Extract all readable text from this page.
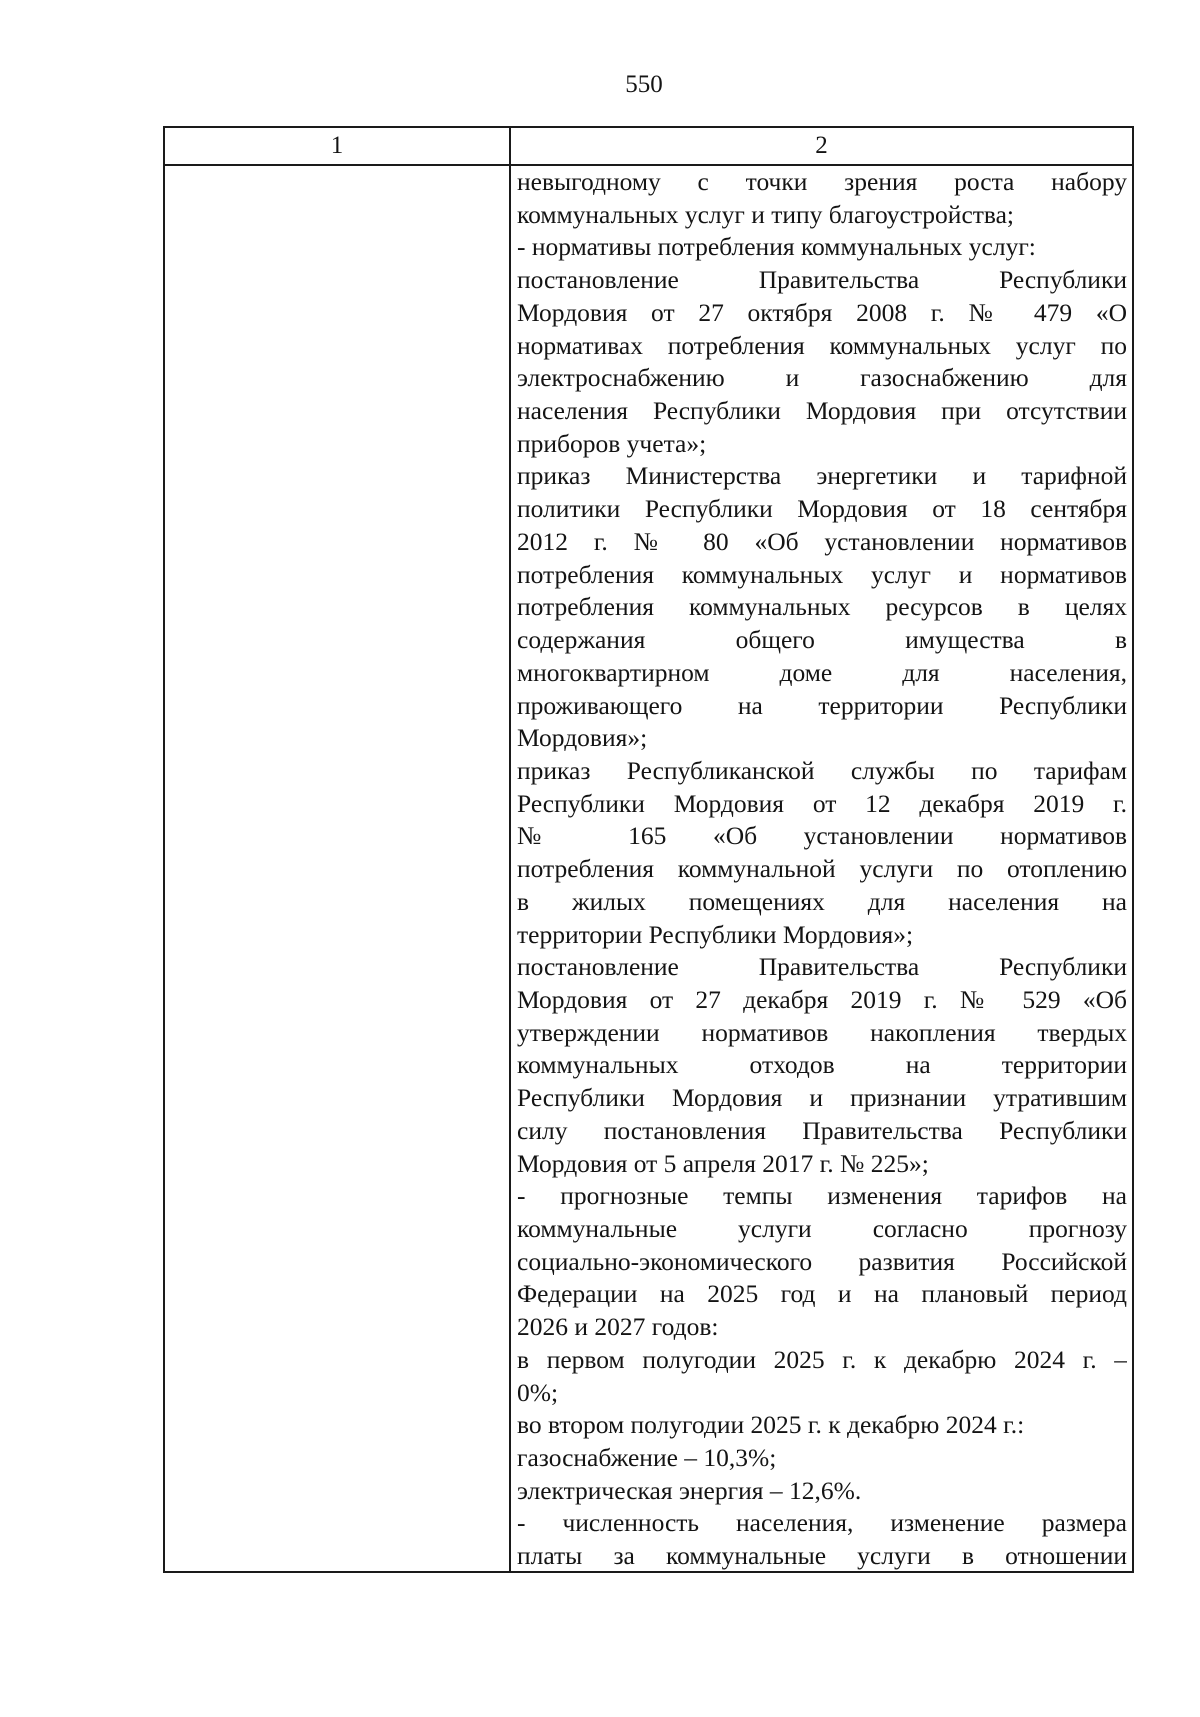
550
1	2
невыгодному с точки зрения роста набору
коммунальных услуг и типу благоустройства;
- нормативы потребления коммунальных услуг:
постановление Правительства Республики
Мордовия от 27 октября 2008 г. № 479 «О
нормативах потребления коммунальных услуг по
электроснабжению и газоснабжению для
населения Республики Мордовия при отсутствии
приборов учета»;
приказ Министерства энергетики и тарифной
политики Республики Мордовия от 18 сентября
2012 г. № 80 «Об установлении нормативов
потребления коммунальных услуг и нормативов
потребления коммунальных ресурсов в целях
содержания общего имущества в
многоквартирном доме для населения,
проживающего на территории Республики
Мордовия»;
приказ Республиканской службы по тарифам
Республики Мордовия от 12 декабря 2019 г.
№ 165 «Об установлении нормативов
потребления коммунальной услуги по отоплению
в жилых помещениях для населения на
территории Республики Мордовия»;
постановление Правительства Республики
Мордовия от 27 декабря 2019 г. № 529 «Об
утверждении нормативов накопления твердых
коммунальных отходов на территории
Республики Мордовия и признании утратившим
силу постановления Правительства Республики
Мордовия от 5 апреля 2017 г. № 225»;
- прогнозные темпы изменения тарифов на
коммунальные услуги согласно прогнозу
социально-экономического развития Российской
Федерации на 2025 год и на плановый период
2026 и 2027 годов:
в первом полугодии 2025 г. к декабрю 2024 г. –
0%;
во втором полугодии 2025 г. к декабрю 2024 г.:
газоснабжение – 10,3%;
электрическая энергия – 12,6%.
- численность населения, изменение размера
платы за коммунальные услуги в отношении
